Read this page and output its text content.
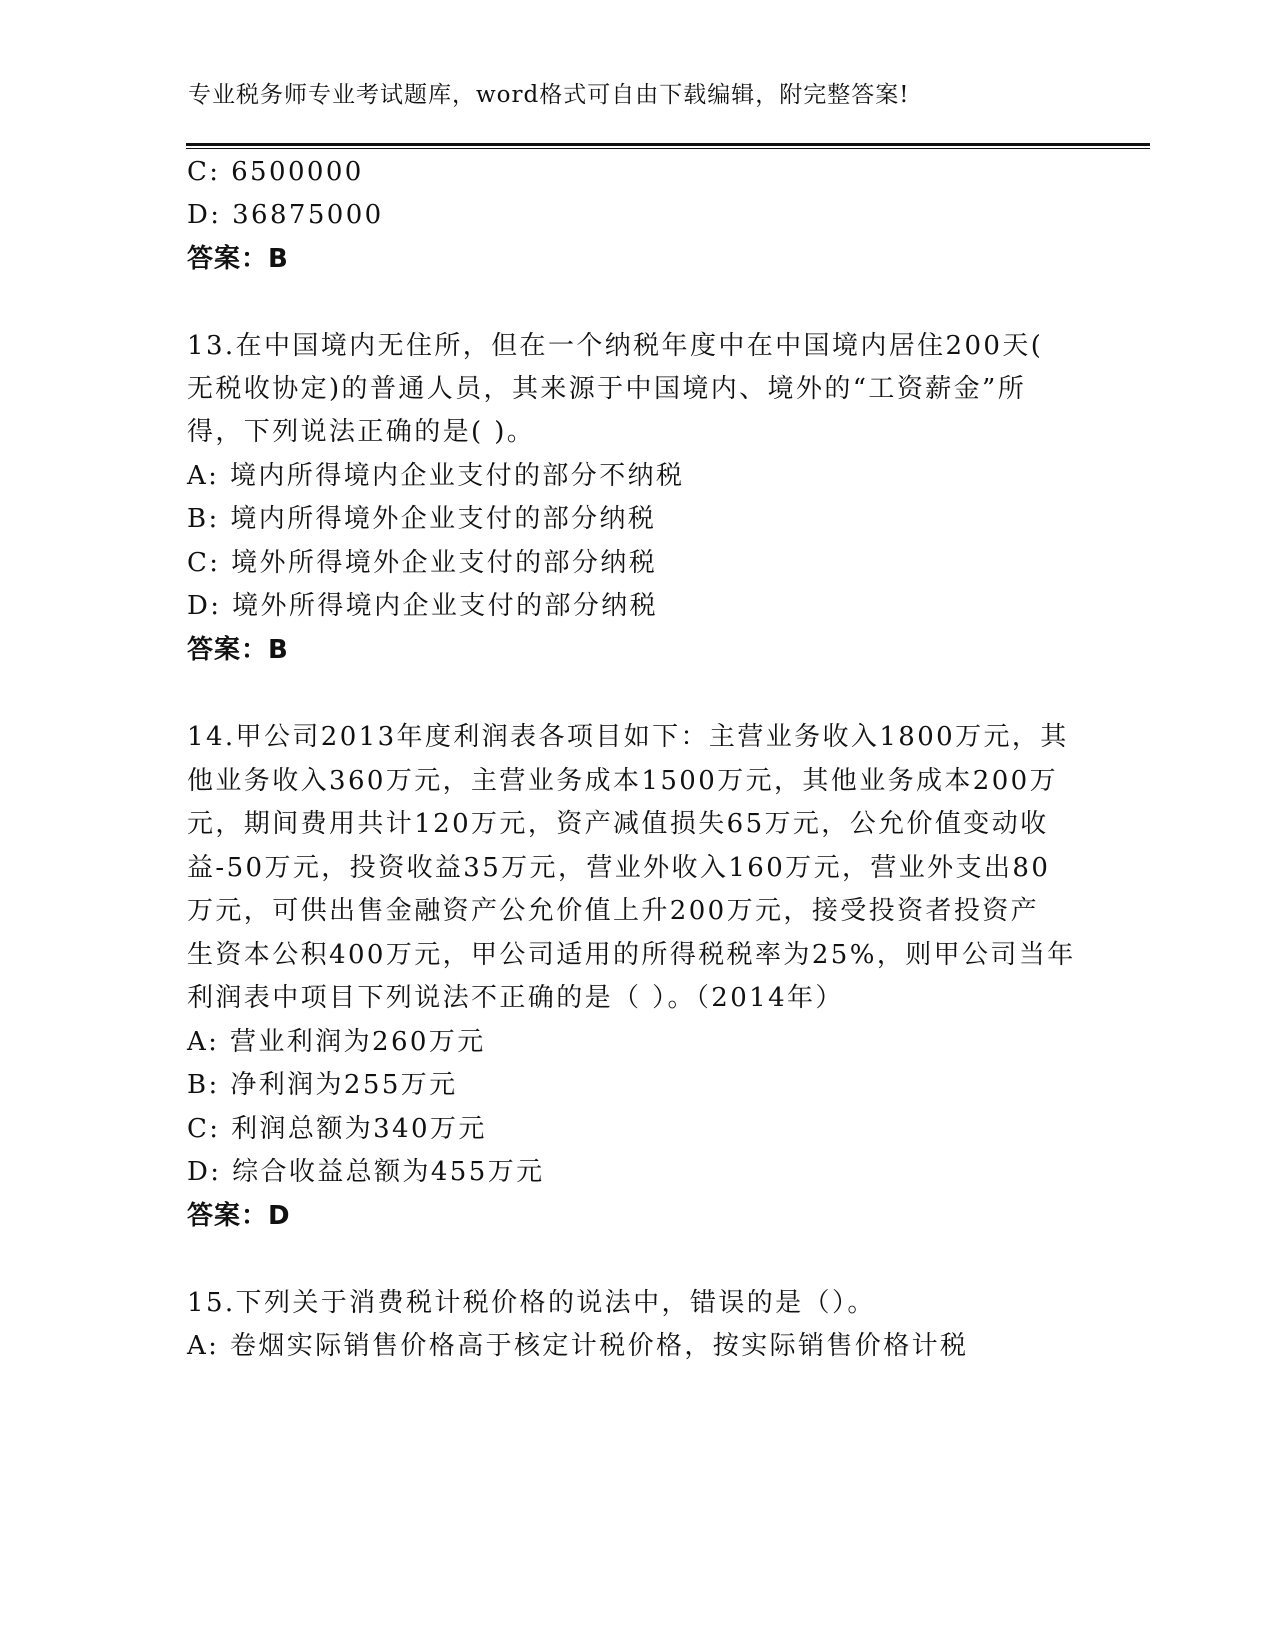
专业税务师专业考试题库，word格式可自由下载编辑，附完整答案!
C: 6500000
D: 36875000
答案：B
13.在中国境内无住所，但在一个纳税年度中在中国境内居住200天(
无税收协定)的普通人员，其来源于中国境内、境外的“工资薪金”所
得，下列说法正确的是( )。
A: 境内所得境内企业支付的部分不纳税
B: 境内所得境外企业支付的部分纳税
C: 境外所得境外企业支付的部分纳税
D: 境外所得境内企业支付的部分纳税
答案：B
14.甲公司2013年度利润表各项目如下：主营业务收入1800万元，其
他业务收入360万元，主营业务成本1500万元，其他业务成本200万
元，期间费用共计120万元，资产减值损失65万元，公允价值变动收
益-50万元，投资收益35万元，营业外收入160万元，营业外支出80
万元，可供出售金融资产公允价值上升200万元，接受投资者投资产
生资本公积400万元，甲公司适用的所得税税率为25%，则甲公司当年
利润表中项目下列说法不正确的是（ ）。（2014年）
A: 营业利润为260万元
B: 净利润为255万元
C: 利润总额为340万元
D: 综合收益总额为455万元
答案：D
15.下列关于消费税计税价格的说法中，错误的是（）。
A: 卷烟实际销售价格高于核定计税价格，按实际销售价格计税
